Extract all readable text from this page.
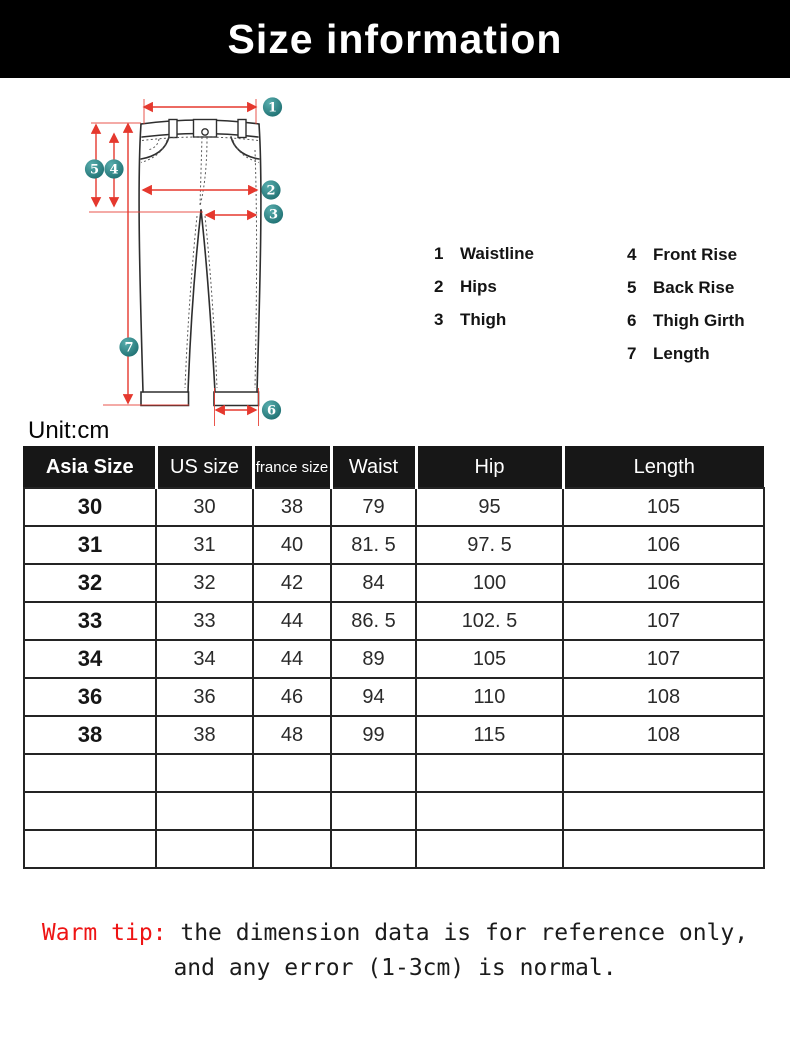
Size information
1
2
3
4
5
6
7
1 Waistline
2 Hips
3 Thigh
4 Front Rise
5 Back Rise
6 Thigh Girth
7 Length
Unit:cm
Asia Size	US size	france size	Waist	Hip	Length
30	30	38	79	95	105
31	31	40	81. 5	97. 5	106
32	32	42	84	100	106
33	33	44	86. 5	102. 5	107
34	34	44	89	105	107
36	36	46	94	110	108
38	38	48	99	115	108

Warm tip: the dimension data is for reference only,
and any error (1-3cm) is normal.
